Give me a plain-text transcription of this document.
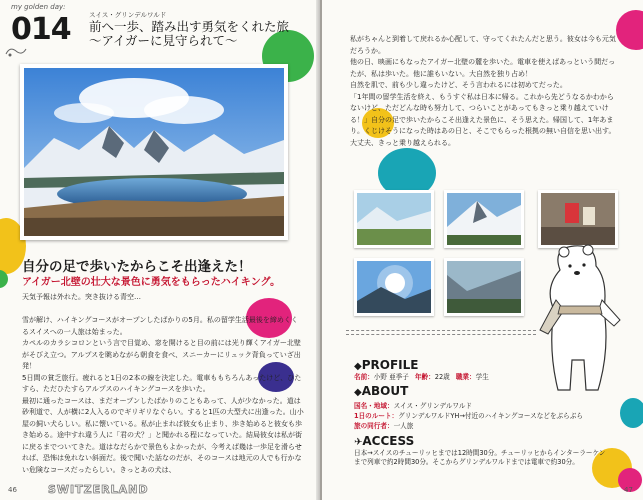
my golden day:
014	スイス・グリンデルワルド
前へ一歩、踏み出す勇気をくれた旅
〜アイガーに見守られて〜
自分の足で歩いたからこそ出逢えた！
アイガー北壁の壮大な景色に勇気をもらったハイキング。
天気予報は外れた。突き抜ける青空…

雪が解け、ハイキングコースがオープンしたばかりの5月。私の留学生活最後を締めくくるスイスへの一人旅は始まった。
カペルのカラシコロンという言で目覚め、窓を開けると目の前には光り輝くアイガー北壁がそびえ立つ。アルプスを眺めながら朝食を食べ、スニーカーにリュック背負っていざ出発！
5日間の貧乏旅行。疲れると1日の2本の線を決定した。電車ももちろんあったけど、ひたすら、ただひたすらアルプスのハイキングコースを歩いた。
最初に通ったコースは、まだオープンしたばかりのこともあって、人が少なかった。道は砂利道で、人が横に2人入るのでギリギリなぐらい。すると1匹の大型犬に出逢った。山小屋の飼い犬らしい。私に懐いている。私が止まれば彼女も止まり、歩き始めると彼女も歩き始める。途中すれ違う人に「君の犬？」と聞かれる程になっていた。結局彼女は私が街に戻るまでついてきた。道はなだらかで景色もよかったが、今考えば幾は一歩足を滑らせれば、恐怖は免れない斜面だ。後で聞いた話なのだが、そのコースは地元の人でも行かない危険なコースだったらしい。きっとあの犬は、
46	SWITZERLAND
私がちゃんと到着して戻れるか心配して、守ってくれたんだと思う。彼女は今も元気だろうか。
他の日、映画にもなったアイガー北壁の麓を歩いた。電車を使えばあっという間だったが、私は歩いた。他に誰もいない。大自然を独り占め！
自然を肌で、前も少し違ったけど、そう言われるには初めてだった。
「1年間の留学生活を終え、もうすぐ私は日本に帰る。これから先どうなるかわからないけど、ただどんな時も努力して、つらいことがあってもきっと乗り越えていける！」自分の足で歩いたからこそ出逢えた景色に、そう思えた。帰国して、1年あまり。くじけそうになった時はあの日と、そこでもらった根拠の無い自信を思い出す。大丈夫、きっと乗り越えられる。
◆PROFILE
名前：小野 亜季子 年齢：22歳 職業：学生
◆ABOUT
国名・地域：スイス・グリンデルワルド
1日のルート：グリンデルワルドYH→付近のハイキングコースなどをぶらぶら
旅の同行者：一人旅
✈ACCESS
日本→スイスのチューリッヒまでは12時間30分。チューリッヒからインターラーケンまで列車で約2時間30分。そこからグリンデルワルドまでは電車で約30分。
47
